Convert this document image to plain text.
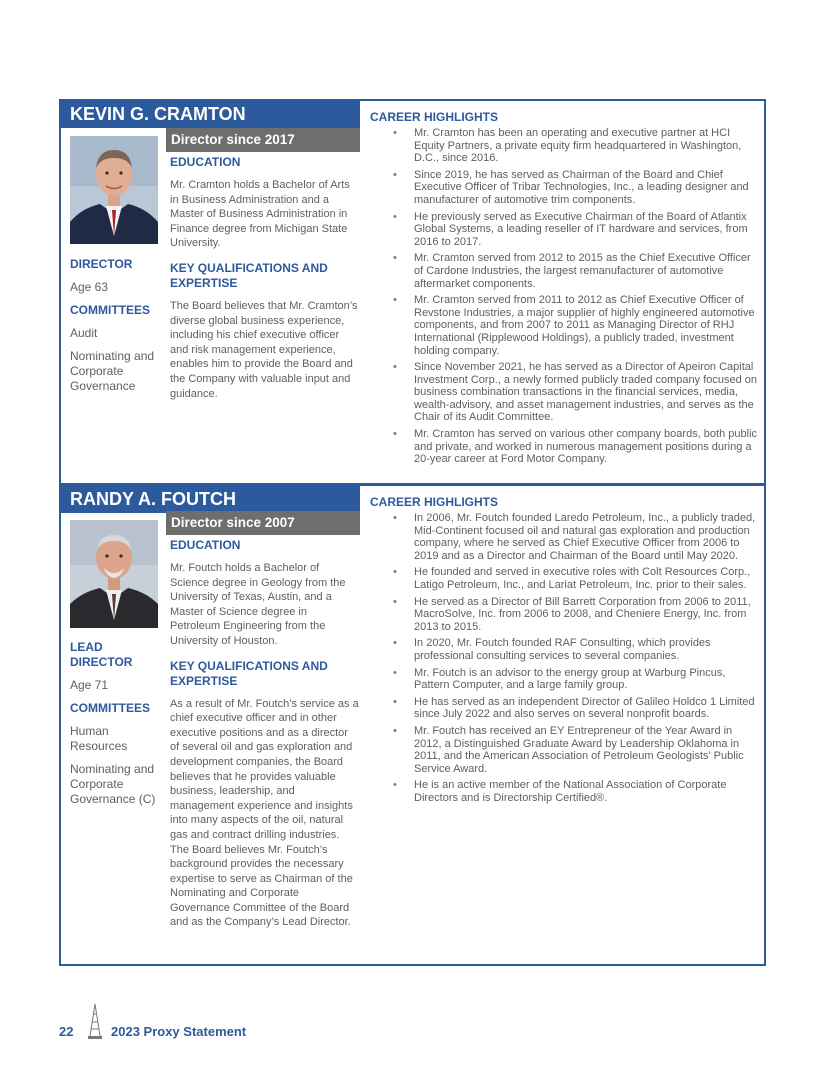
KEVIN G. CRAMTON
Director since 2017
DIRECTOR
Age 63
COMMITTEES
Audit
Nominating and Corporate Governance
EDUCATION
Mr. Cramton holds a Bachelor of Arts in Business Administration and a Master of Business Administration in Finance degree from Michigan State University.
KEY QUALIFICATIONS AND EXPERTISE
The Board believes that Mr. Cramton’s diverse global business experience, including his chief executive officer and risk management experience, enables him to provide the Board and the Company with valuable input and guidance.
CAREER HIGHLIGHTS
• Mr. Cramton has been an operating and executive partner at HCI Equity Partners, a private equity firm headquartered in Washington, D.C., since 2016.
• Since 2019, he has served as Chairman of the Board and Chief Executive Officer of Tribar Technologies, Inc., a leading designer and manufacturer of automotive trim components.
• He previously served as Executive Chairman of the Board of Atlantix Global Systems, a leading reseller of IT hardware and services, from 2016 to 2017.
• Mr. Cramton served from 2012 to 2015 as the Chief Executive Officer of Cardone Industries, the largest remanufacturer of automotive aftermarket components.
• Mr. Cramton served from 2011 to 2012 as Chief Executive Officer of Revstone Industries, a major supplier of highly engineered automotive components, and from 2007 to 2011 as Managing Director of RHJ International (Ripplewood Holdings), a publicly traded, investment holding company.
• Since November 2021, he has served as a Director of Apeiron Capital Investment Corp., a newly formed publicly traded company focused on business combination transactions in the financial services, media, wealth-advisory, and asset management industries, and serves as the Chair of its Audit Committee.
• Mr. Cramton has served on various other company boards, both public and private, and worked in numerous management positions during a 20-year career at Ford Motor Company.
RANDY A. FOUTCH
Director since 2007
LEAD DIRECTOR
Age 71
COMMITTEES
Human Resources
Nominating and Corporate Governance (C)
EDUCATION
Mr. Foutch holds a Bachelor of Science degree in Geology from the University of Texas, Austin, and a Master of Science degree in Petroleum Engineering from the University of Houston.
KEY QUALIFICATIONS AND EXPERTISE
As a result of Mr. Foutch’s service as a chief executive officer and in other executive positions and as a director of several oil and gas exploration and development companies, the Board believes that he provides valuable business, leadership, and management experience and insights into many aspects of the oil, natural gas and contract drilling industries. The Board believes Mr. Foutch’s background provides the necessary expertise to serve as Chairman of the Nominating and Corporate Governance Committee of the Board and as the Company’s Lead Director.
CAREER HIGHLIGHTS
• In 2006, Mr. Foutch founded Laredo Petroleum, Inc., a publicly traded, Mid-Continent focused oil and natural gas exploration and production company, where he served as Chief Executive Officer from 2006 to 2019 and as a Director and Chairman of the Board until May 2020.
• He founded and served in executive roles with Colt Resources Corp., Latigo Petroleum, Inc., and Lariat Petroleum, Inc. prior to their sales.
• He served as a Director of Bill Barrett Corporation from 2006 to 2011, MacroSolve, Inc. from 2006 to 2008, and Cheniere Energy, Inc. from 2013 to 2015.
• In 2020, Mr. Foutch founded RAF Consulting, which provides professional consulting services to several companies.
• Mr. Foutch is an advisor to the energy group at Warburg Pincus, Pattern Computer, and a large family group.
• He has served as an independent Director of Galileo Holdco 1 Limited since July 2022 and also serves on several nonprofit boards.
• Mr. Foutch has received an EY Entrepreneur of the Year Award in 2012, a Distinguished Graduate Award by Leadership Oklahoma in 2011, and the American Association of Petroleum Geologists’ Public Service Award.
• He is an active member of the National Association of Corporate Directors and is Directorship Certified®.
22	2023 Proxy Statement
